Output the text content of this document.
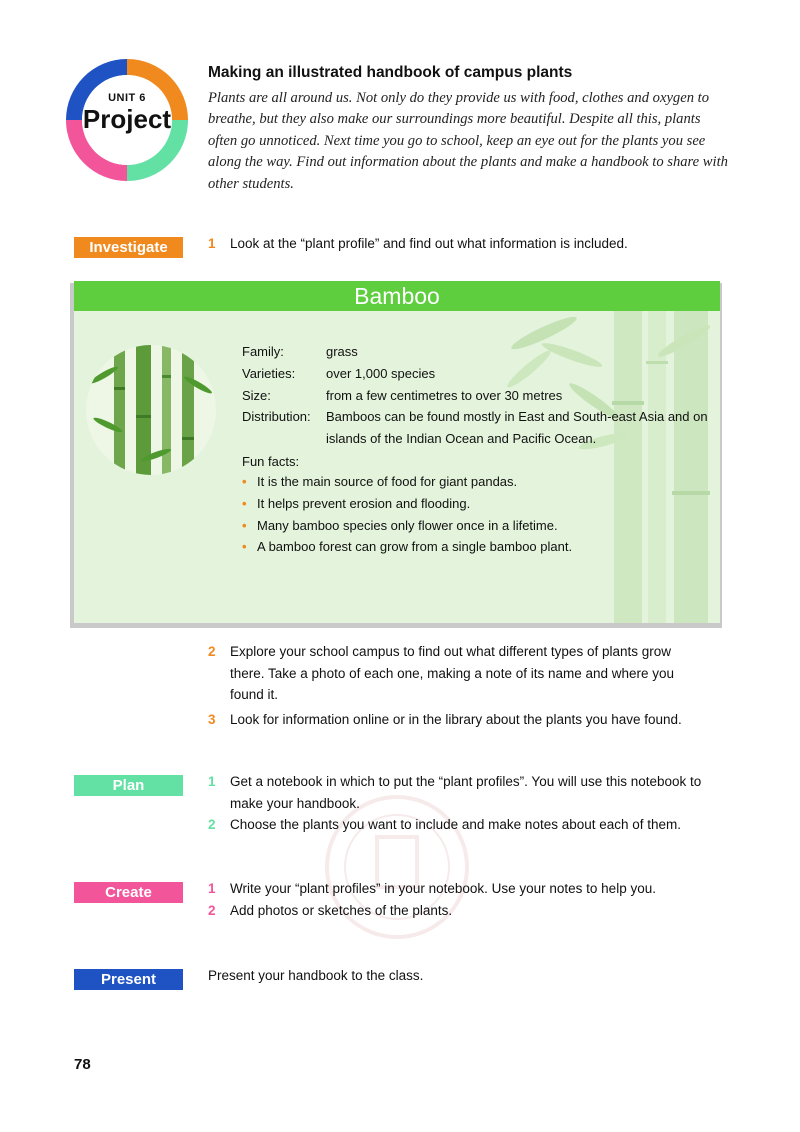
UNIT 6
Project
Making an illustrated handbook of campus plants
Plants are all around us. Not only do they provide us with food, clothes and oxygen to breathe, but they also make our surroundings more beautiful. Despite all this, plants often go unnoticed. Next time you go to school, keep an eye out for the plants you see along the way. Find out information about the plants and make a handbook to share with other students.
Investigate	1 Look at the “plant profile” and find out what information is included.
Bamboo
Family:	grass
Varieties: over 1,000 species
Size:	from a few centimetres to over 30 metres
Distribution: Bamboos can be found mostly in East and South-east Asia and on
islands of the Indian Ocean and Pacific Ocean.
Fun facts:
• It is the main source of food for giant pandas.
• It helps prevent erosion and flooding.
• Many bamboo species only flower once in a lifetime.
• A bamboo forest can grow from a single bamboo plant.
2 Explore your school campus to find out what different types of plants grow there. Take a photo of each one, making a note of its name and where you found it.
3 Look for information online or in the library about the plants you have found.
Plan	1 Get a notebook in which to put the “plant profiles”. You will use this notebook to make your handbook.
2 Choose the plants you want to include and make notes about each of them.
Create	1 Write your “plant profiles” in your notebook. Use your notes to help you.
2 Add photos or sketches of the plants.
Present	Present your handbook to the class.
78
